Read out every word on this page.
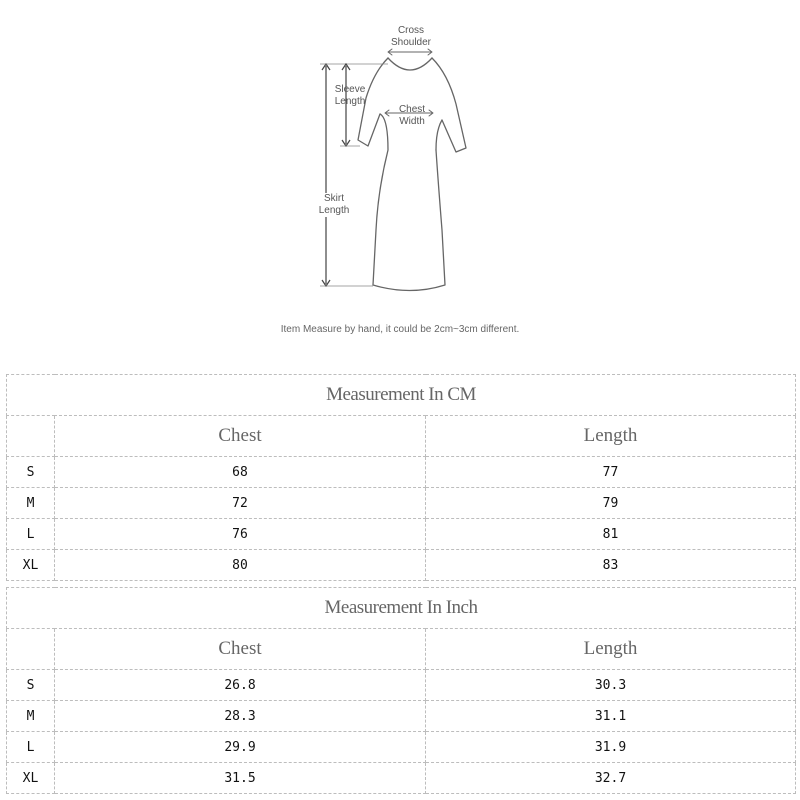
Cross
Shoulder
Sleeve
Length
Chest
Width
Skirt
Length
Item Measure by hand, it could be 2cm~3cm different.
Measurement In CM		
	Chest	Length
S	68	77
M	72	79
L	76	81
XL	80	83
Measurement In Inch		
	Chest	Length
S	26.8	30.3
M	28.3	31.1
L	29.9	31.9
XL	31.5	32.7
